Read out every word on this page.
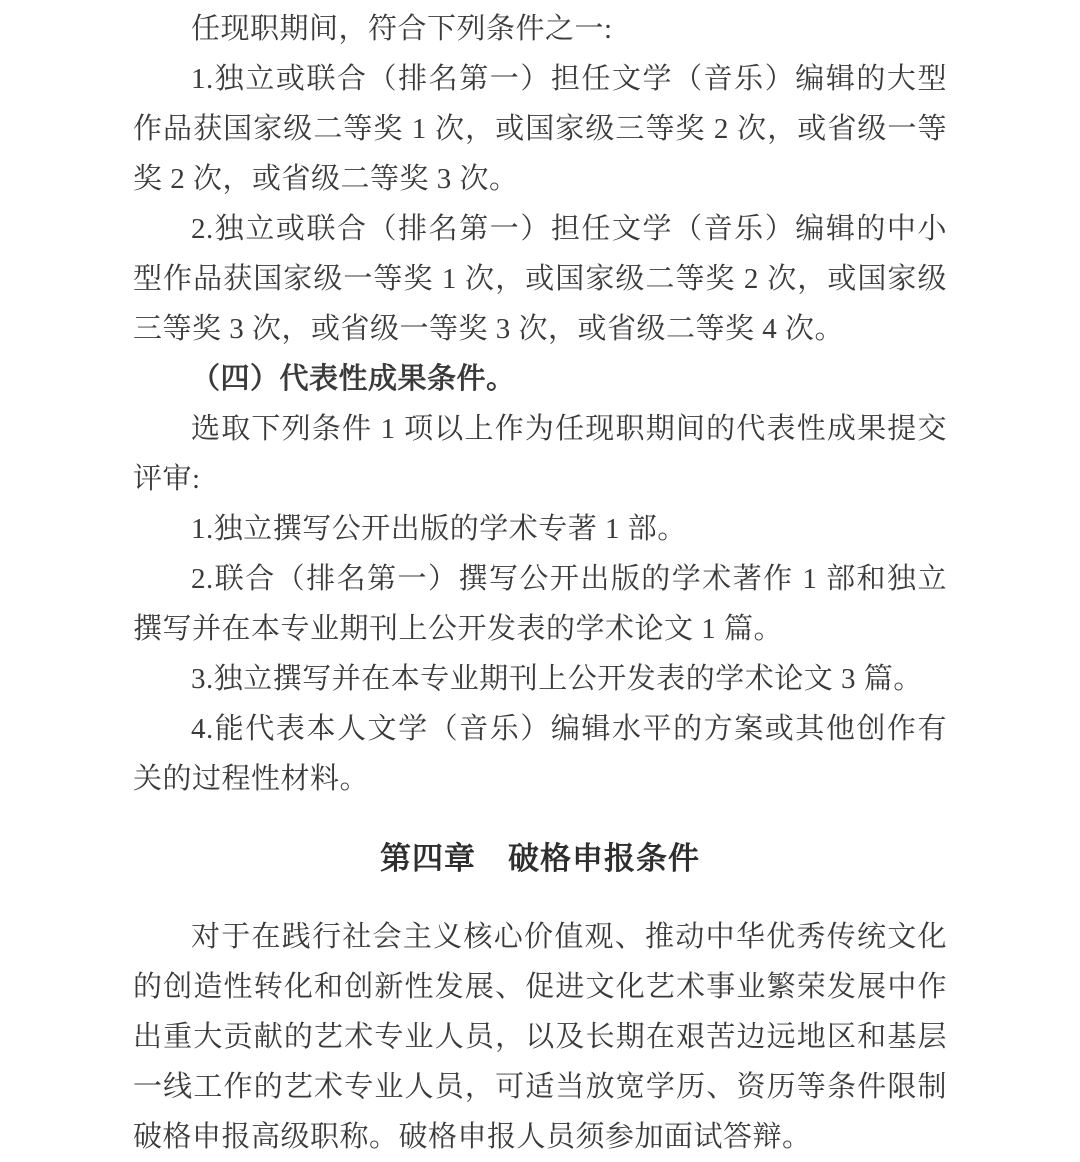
任现职期间，符合下列条件之一:

1.独立或联合（排名第一）担任文学（音乐）编辑的大型作品获国家级二等奖 1 次，或国家级三等奖 2 次，或省级一等奖 2 次，或省级二等奖 3 次。

2.独立或联合（排名第一）担任文学（音乐）编辑的中小型作品获国家级一等奖 1 次，或国家级二等奖 2 次，或国家级三等奖 3 次，或省级一等奖 3 次，或省级二等奖 4 次。

（四）代表性成果条件。

选取下列条件 1 项以上作为任现职期间的代表性成果提交评审:

1.独立撰写公开出版的学术专著 1 部。

2.联合（排名第一）撰写公开出版的学术著作 1 部和独立撰写并在本专业期刊上公开发表的学术论文 1 篇。

3.独立撰写并在本专业期刊上公开发表的学术论文 3 篇。

4.能代表本人文学（音乐）编辑水平的方案或其他创作有关的过程性材料。

第四章　破格申报条件

对于在践行社会主义核心价值观、推动中华优秀传统文化的创造性转化和创新性发展、促进文化艺术事业繁荣发展中作出重大贡献的艺术专业人员，以及长期在艰苦边远地区和基层一线工作的艺术专业人员，可适当放宽学历、资历等条件限制破格申报高级职称。破格申报人员须参加面试答辩。
